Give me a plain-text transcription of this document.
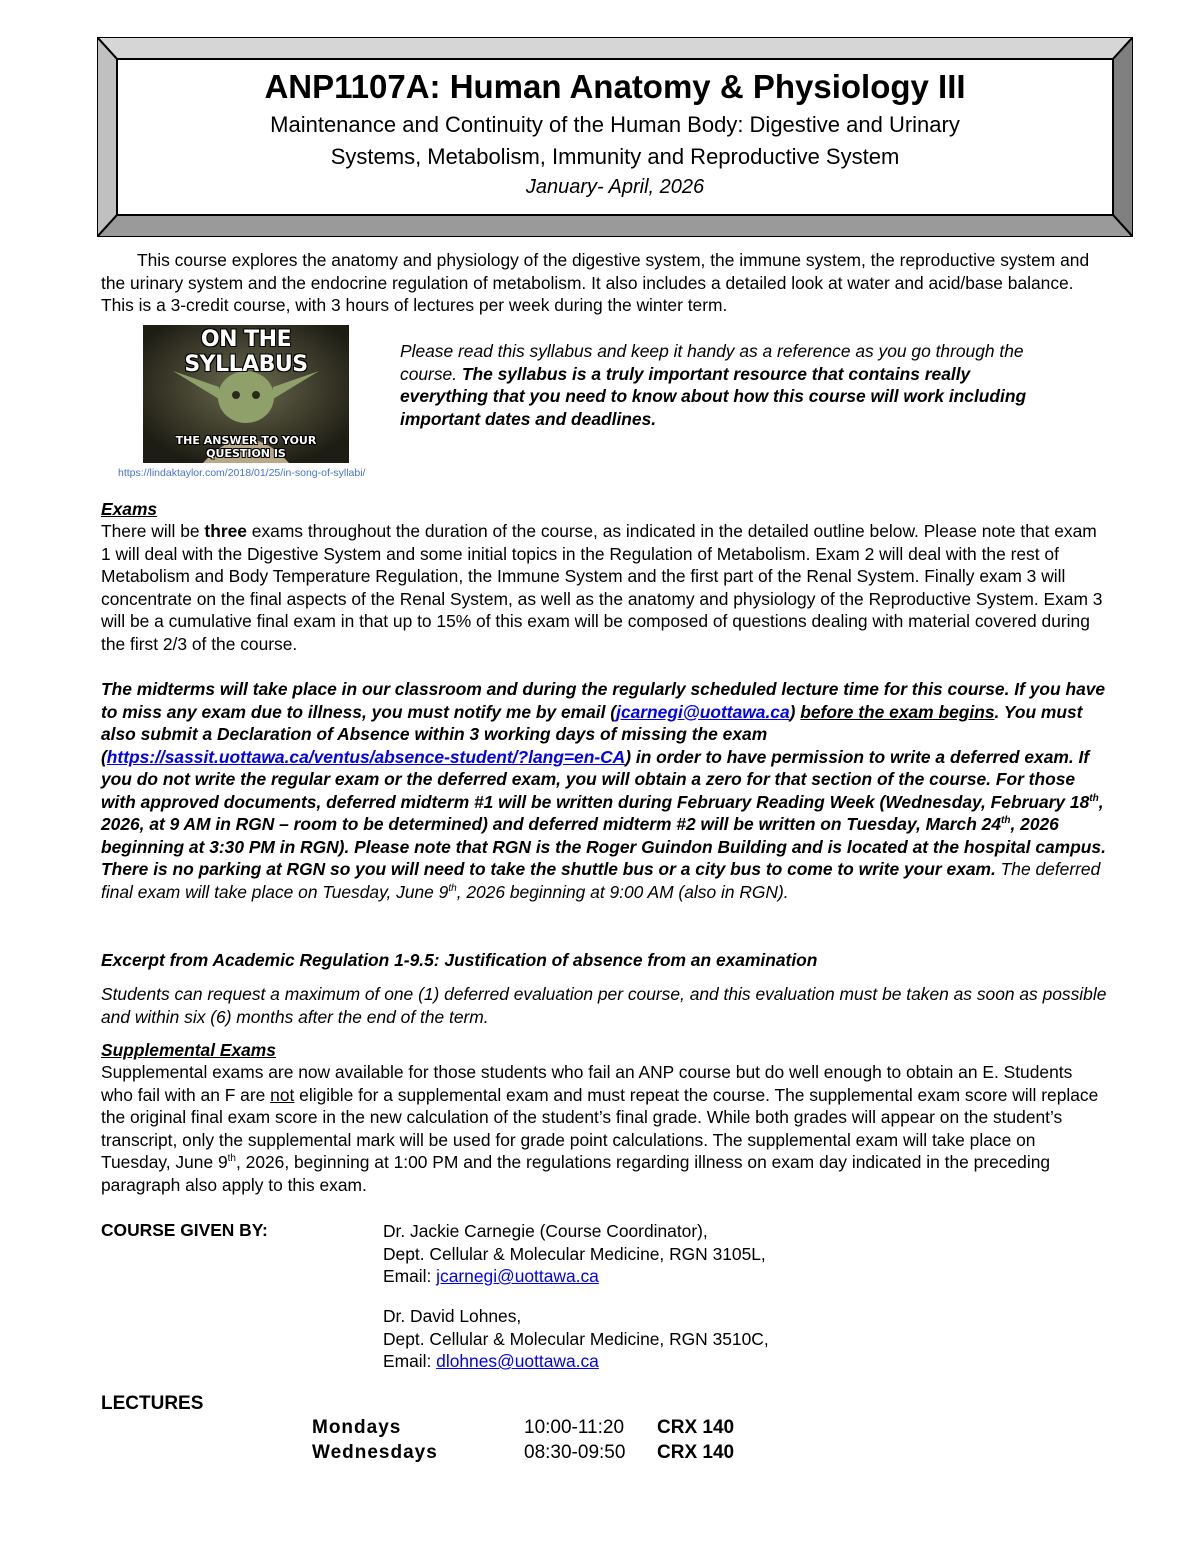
ANP1107A: Human Anatomy & Physiology III
Maintenance and Continuity of the Human Body: Digestive and Urinary
Systems, Metabolism, Immunity and Reproductive System
January- April, 2026
This course explores the anatomy and physiology of the digestive system, the immune system, the reproductive system and the urinary system and the endocrine regulation of metabolism. It also includes a detailed look at water and acid/base balance. This is a 3-credit course, with 3 hours of lectures per week during the winter term.
ON THE SYLLABUS
THE ANSWER TO YOUR QUESTION IS
https://lindaktaylor.com/2018/01/25/in-song-of-syllabi/
Please read this syllabus and keep it handy as a reference as you go through the course. The syllabus is a truly important resource that contains really everything that you need to know about how this course will work including important dates and deadlines.
Exams
There will be three exams throughout the duration of the course, as indicated in the detailed outline below. Please note that exam 1 will deal with the Digestive System and some initial topics in the Regulation of Metabolism. Exam 2 will deal with the rest of Metabolism and Body Temperature Regulation, the Immune System and the first part of the Renal System. Finally exam 3 will concentrate on the final aspects of the Renal System, as well as the anatomy and physiology of the Reproductive System. Exam 3 will be a cumulative final exam in that up to 15% of this exam will be composed of questions dealing with material covered during the first 2/3 of the course.
The midterms will take place in our classroom and during the regularly scheduled lecture time for this course. If you have to miss any exam due to illness, you must notify me by email (jcarnegi@uottawa.ca) before the exam begins. You must also submit a Declaration of Absence within 3 working days of missing the exam (https://sassit.uottawa.ca/ventus/absence-student/?lang=en-CA) in order to have permission to write a deferred exam. If you do not write the regular exam or the deferred exam, you will obtain a zero for that section of the course. For those with approved documents, deferred midterm #1 will be written during February Reading Week (Wednesday, February 18th, 2026, at 9 AM in RGN – room to be determined) and deferred midterm #2 will be written on Tuesday, March 24th, 2026 beginning at 3:30 PM in RGN). Please note that RGN is the Roger Guindon Building and is located at the hospital campus. There is no parking at RGN so you will need to take the shuttle bus or a city bus to come to write your exam. The deferred final exam will take place on Tuesday, June 9th, 2026 beginning at 9:00 AM (also in RGN).
Excerpt from Academic Regulation 1-9.5: Justification of absence from an examination
Students can request a maximum of one (1) deferred evaluation per course, and this evaluation must be taken as soon as possible and within six (6) months after the end of the term.
Supplemental Exams
Supplemental exams are now available for those students who fail an ANP course but do well enough to obtain an E. Students who fail with an F are not eligible for a supplemental exam and must repeat the course. The supplemental exam score will replace the original final exam score in the new calculation of the student’s final grade. While both grades will appear on the student’s transcript, only the supplemental mark will be used for grade point calculations. The supplemental exam will take place on Tuesday, June 9th, 2026, beginning at 1:00 PM and the regulations regarding illness on exam day indicated in the preceding paragraph also apply to this exam.
COURSE GIVEN BY:	Dr. Jackie Carnegie (Course Coordinator),
Dept. Cellular & Molecular Medicine, RGN 3105L,
Email: jcarnegi@uottawa.ca
Dr. David Lohnes,
Dept. Cellular & Molecular Medicine, RGN 3510C,
Email: dlohnes@uottawa.ca
LECTURES
Mondays	10:00-11:20 CRX 140
Wednesdays	08:30-09:50 CRX 140
